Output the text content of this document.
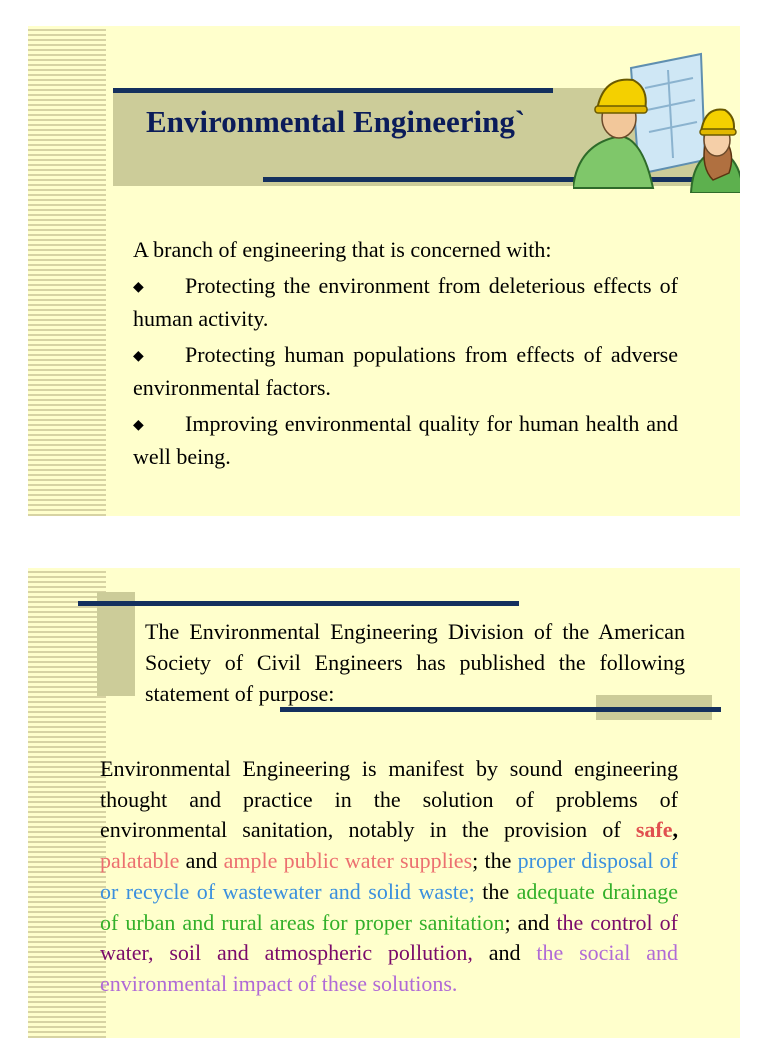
Environmental Engineering`

A branch of engineering that is concerned with:

◆ Protecting the environment from deleterious effects of human activity.

◆ Protecting human populations from effects of adverse environmental factors.

◆ Improving environmental quality for human health and well being.

The Environmental Engineering Division of the American Society of Civil Engineers has published the following statement of purpose:

Environmental Engineering is manifest by sound engineering thought and practice in the solution of problems of environmental sanitation, notably in the provision of safe, palatable and ample public water supplies; the proper disposal of or recycle of wastewater and solid waste; the adequate drainage of urban and rural areas for proper sanitation; and the control of water, soil and atmospheric pollution, and the social and environmental impact of these solutions.
